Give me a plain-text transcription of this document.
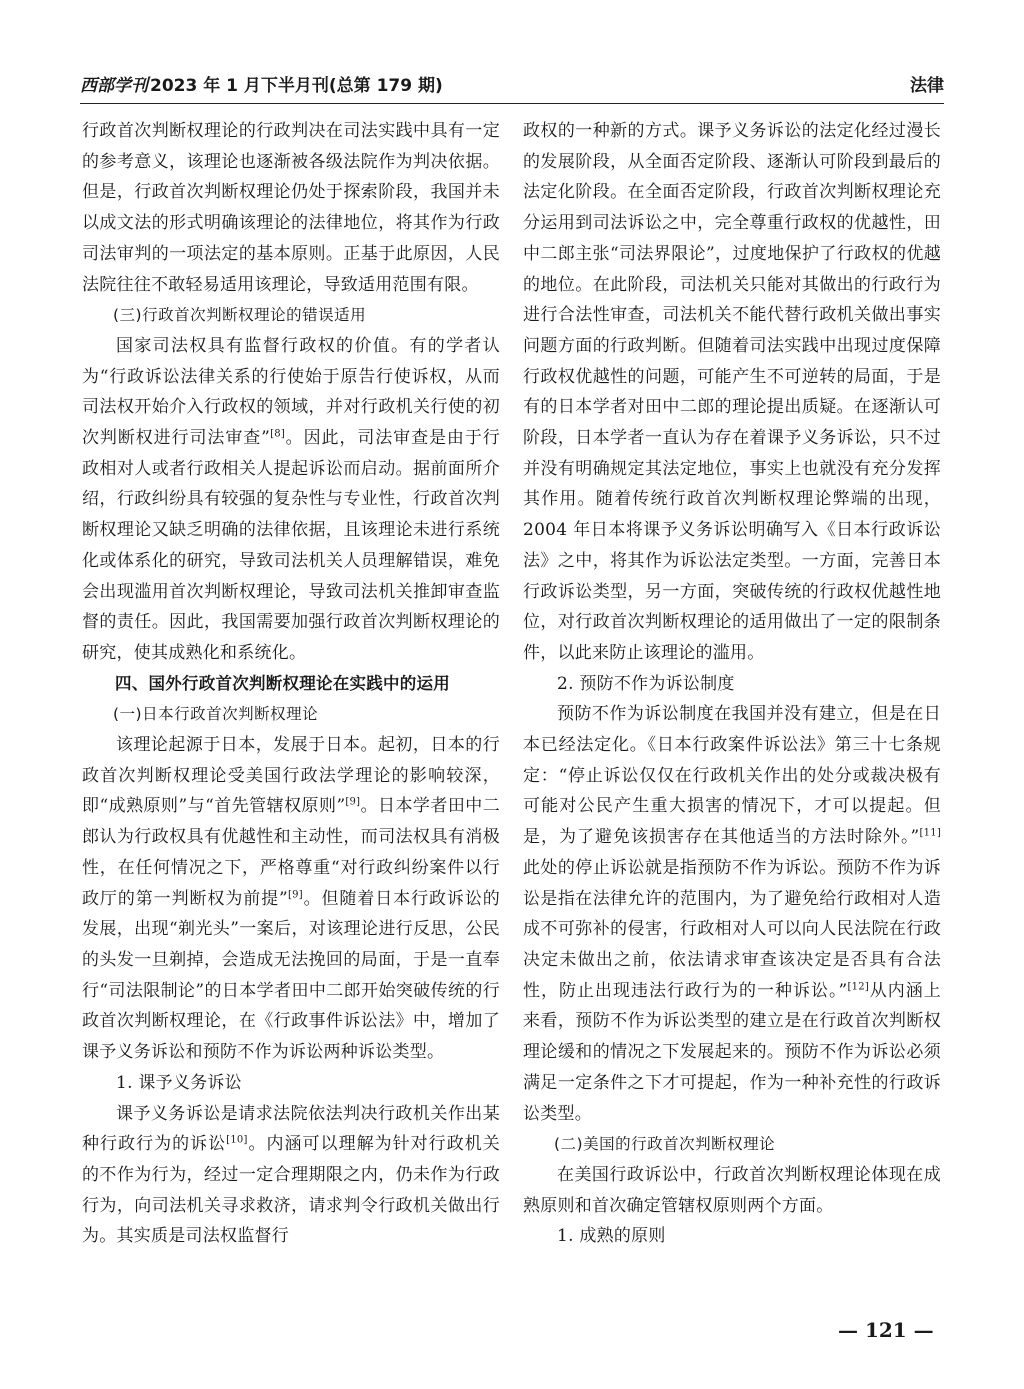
西部学刊 2023 年 1 月下半月刊(总第 179 期)	法律

行政首次判断权理论的行政判决在司法实践中具有一定的参考意义，该理论也逐渐被各级法院作为判决依据。但是，行政首次判断权理论仍处于探索阶段，我国并未以成文法的形式明确该理论的法律地位，将其作为行政司法审判的一项法定的基本原则。正基于此原因，人民法院往往不敢轻易适用该理论，导致适用范围有限。

(三)行政首次判断权理论的错误适用

国家司法权具有监督行政权的价值。有的学者认为“行政诉讼法律关系的行使始于原告行使诉权，从而司法权开始介入行政权的领域，并对行政机关行使的初次判断权进行司法审查”[8]。因此，司法审查是由于行政相对人或者行政相关人提起诉讼而启动。据前面所介绍，行政纠纷具有较强的复杂性与专业性，行政首次判断权理论又缺乏明确的法律依据，且该理论未进行系统化或体系化的研究，导致司法机关人员理解错误，难免会出现滥用首次判断权理论，导致司法机关推卸审查监督的责任。因此，我国需要加强行政首次判断权理论的研究，使其成熟化和系统化。

四、国外行政首次判断权理论在实践中的运用

(一)日本行政首次判断权理论

该理论起源于日本，发展于日本。起初，日本的行政首次判断权理论受美国行政法学理论的影响较深，即“成熟原则”与“首先管辖权原则”[9]。日本学者田中二郎认为行政权具有优越性和主动性，而司法权具有消极性，在任何情况之下，严格尊重“对行政纠纷案件以行政厅的第一判断权为前提”[9]。但随着日本行政诉讼的发展，出现“剃光头”一案后，对该理论进行反思，公民的头发一旦剃掉，会造成无法挽回的局面，于是一直奉行“司法限制论”的日本学者田中二郎开始突破传统的行政首次判断权理论，在《行政事件诉讼法》中，增加了课予义务诉讼和预防不作为诉讼两种诉讼类型。

1. 课予义务诉讼

课予义务诉讼是请求法院依法判决行政机关作出某种行政行为的诉讼[10]。内涵可以理解为针对行政机关的不作为行为，经过一定合理期限之内，仍未作为行政行为，向司法机关寻求救济，请求判令行政机关做出行为。其实质是司法权监督行

政权的一种新的方式。课予义务诉讼的法定化经过漫长的发展阶段，从全面否定阶段、逐渐认可阶段到最后的法定化阶段。在全面否定阶段，行政首次判断权理论充分运用到司法诉讼之中，完全尊重行政权的优越性，田中二郎主张“司法界限论”，过度地保护了行政权的优越的地位。在此阶段，司法机关只能对其做出的行政行为进行合法性审查，司法机关不能代替行政机关做出事实问题方面的行政判断。但随着司法实践中出现过度保障行政权优越性的问题，可能产生不可逆转的局面，于是有的日本学者对田中二郎的理论提出质疑。在逐渐认可阶段，日本学者一直认为存在着课予义务诉讼，只不过并没有明确规定其法定地位，事实上也就没有充分发挥其作用。随着传统行政首次判断权理论弊端的出现，2004 年日本将课予义务诉讼明确写入《日本行政诉讼法》之中，将其作为诉讼法定类型。一方面，完善日本行政诉讼类型，另一方面，突破传统的行政权优越性地位，对行政首次判断权理论的适用做出了一定的限制条件，以此来防止该理论的滥用。

2. 预防不作为诉讼制度

预防不作为诉讼制度在我国并没有建立，但是在日本已经法定化。《日本行政案件诉讼法》第三十七条规定：“停止诉讼仅仅在行政机关作出的处分或裁决极有可能对公民产生重大损害的情况下，才可以提起。但是，为了避免该损害存在其他适当的方法时除外。”[11]此处的停止诉讼就是指预防不作为诉讼。预防不作为诉讼是指在法律允许的范围内，为了避免给行政相对人造成不可弥补的侵害，行政相对人可以向人民法院在行政决定未做出之前，依法请求审查该决定是否具有合法性，防止出现违法行政行为的一种诉讼。”[12]从内涵上来看，预防不作为诉讼类型的建立是在行政首次判断权理论缓和的情况之下发展起来的。预防不作为诉讼必须满足一定条件之下才可提起，作为一种补充性的行政诉讼类型。

(二)美国的行政首次判断权理论

在美国行政诉讼中，行政首次判断权理论体现在成熟原则和首次确定管辖权原则两个方面。

1. 成熟的原则

— 121 —
